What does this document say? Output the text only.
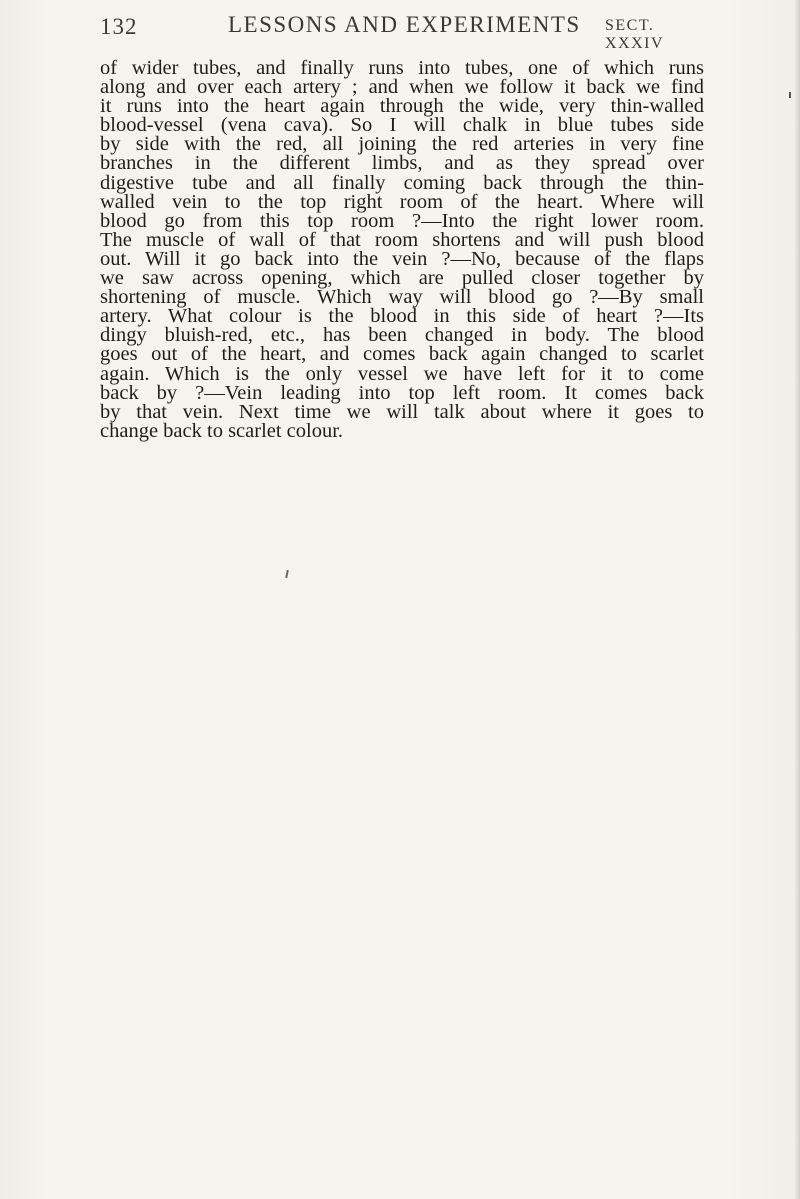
132	LESSONS AND EXPERIMENTS SECT. XXXIV
of wider tubes, and finally runs into tubes, one of which runs
along and over each artery ; and when we follow it back we find
it runs into the heart again through the wide, very thin-walled
blood-vessel (vena cava). So I will chalk in blue tubes side
by side with the red, all joining the red arteries in very fine
branches in the different limbs, and as they spread over
digestive tube and all finally coming back through the thin-
walled vein to the top right room of the heart. Where will
blood go from this top room ?—Into the right lower room.
The muscle of wall of that room shortens and will push blood
out. Will it go back into the vein ?—No, because of the flaps
we saw across opening, which are pulled closer together by
shortening of muscle. Which way will blood go ?—By small
artery. What colour is the blood in this side of heart ?—Its
dingy bluish-red, etc., has been changed in body. The blood
goes out of the heart, and comes back again changed to scarlet
again. Which is the only vessel we have left for it to come
back by ?—Vein leading into top left room. It comes back
by that vein. Next time we will talk about where it goes to
change back to scarlet colour.
